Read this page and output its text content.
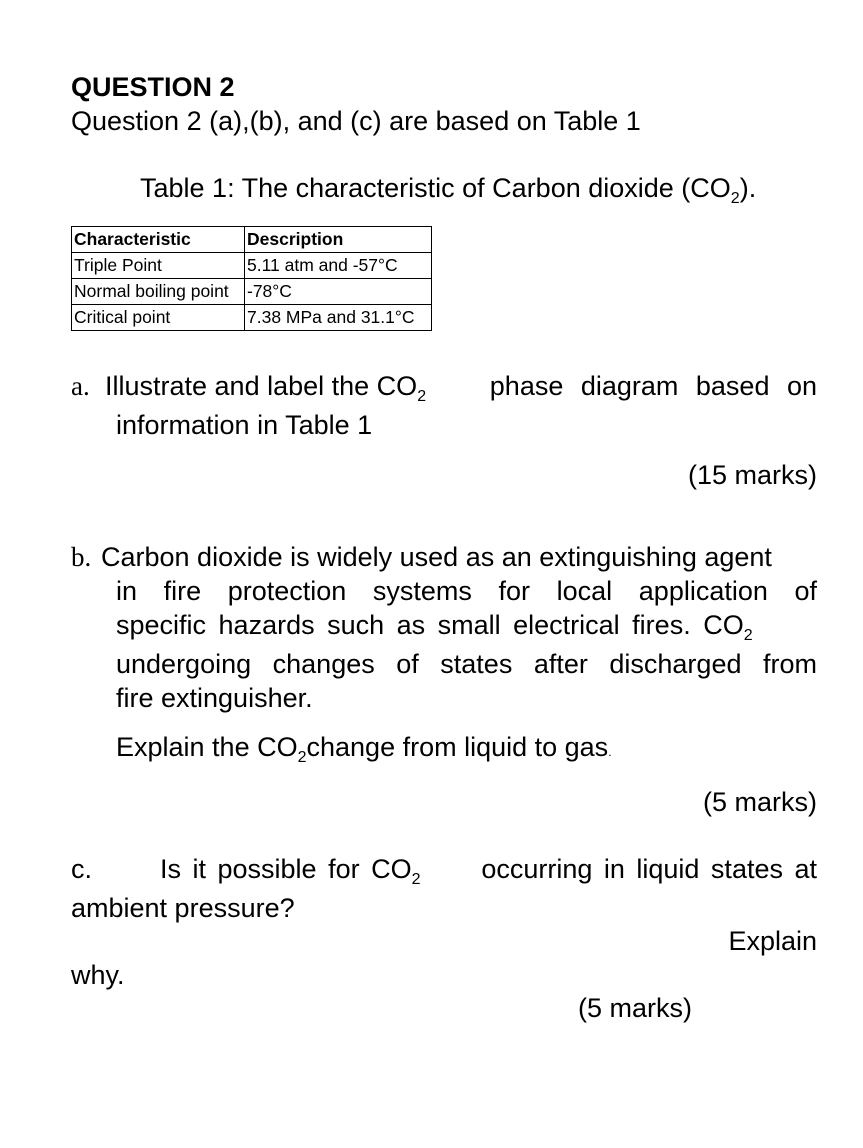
QUESTION 2
Question 2 (a),(b), and (c) are based on Table 1
Table 1: The characteristic of Carbon dioxide $(CO_2)$.
Characteristic	Description
Triple Point	5.11 atm and -57°C
Normal boiling point	-78°C
Critical point	7.38 MPa and 31.1°C
a. Illustrate and label the $CO_2$ phase diagram based on
information in Table 1
(15 marks)
b. Carbon dioxide is widely used as an extinguishing agent
in fire protection systems for local application of
specific hazards such as small electrical fires. $CO_2$
undergoing changes of states after discharged from
fire extinguisher.
Explain the $CO_2change$ from liquid to gas.
(5 marks)
c.	Is it possible for $CO_2$ occurring in liquid states at
ambient pressure?
Explain
why.
(5 marks)
